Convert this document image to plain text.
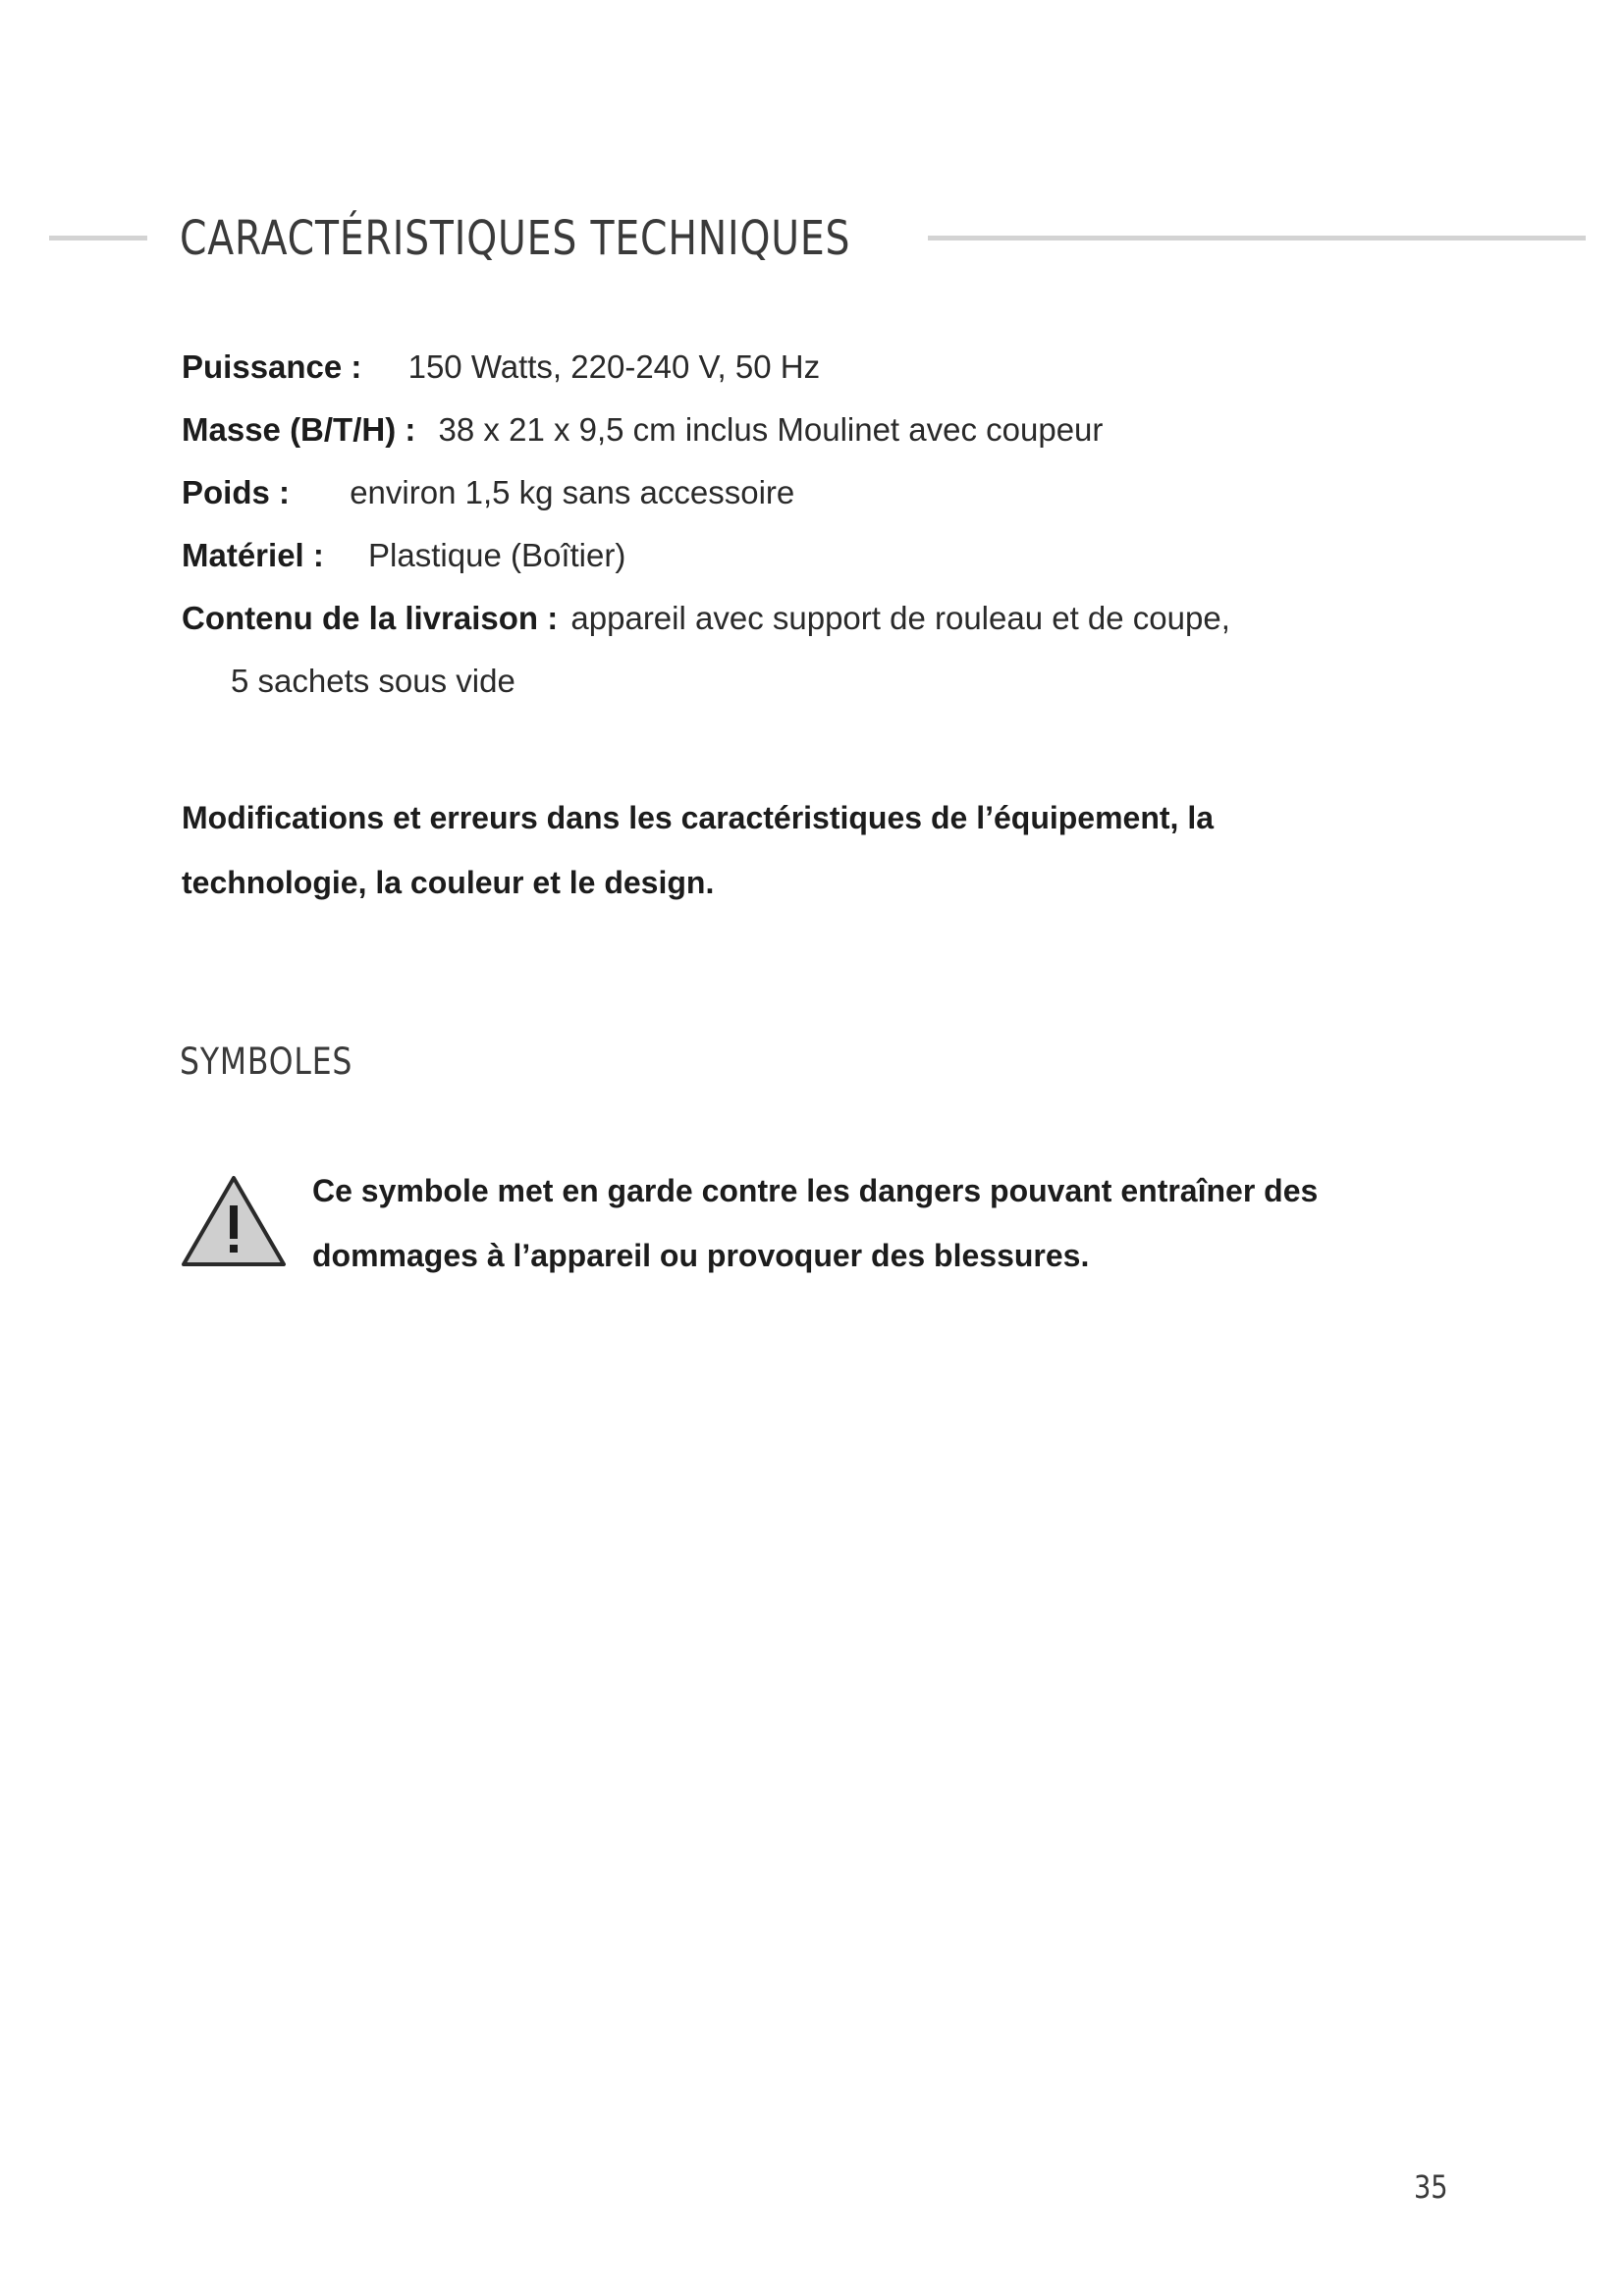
CARACTÉRISTIQUES TECHNIQUES
Puissance : 150 Watts, 220-240 V, 50 Hz
Masse (B/T/H) : 38 x 21 x 9,5 cm inclus Moulinet avec coupeur
Poids : environ 1,5 kg sans accessoire
Matériel : Plastique (Boîtier)
Contenu de la livraison : appareil avec support de rouleau et de coupe,
5 sachets sous vide
Modifications et erreurs dans les caractéristiques de l’équipement, la
technologie, la couleur et le design.
SYMBOLES
Ce symbole met en garde contre les dangers pouvant entraîner des
dommages à l’appareil ou provoquer des blessures.
35
